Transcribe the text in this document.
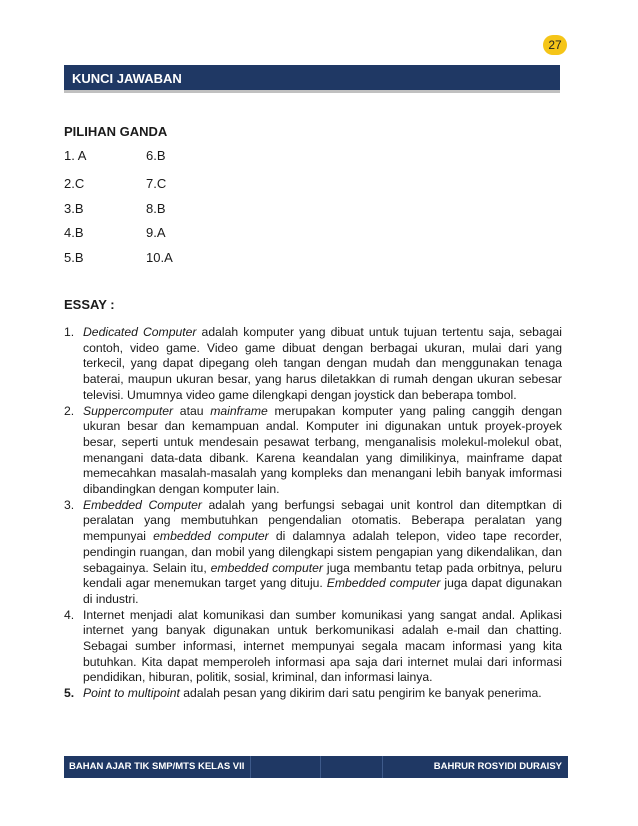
27
KUNCI JAWABAN
PILIHAN GANDA
1. A	6.B
2.C	7.C
3.B	8.B
4.B	9.A
5.B	10.A
ESSAY :
1. Dedicated Computer adalah komputer yang dibuat untuk tujuan tertentu saja, sebagai contoh, video game. Video game dibuat dengan berbagai ukuran, mulai dari yang terkecil, yang dapat dipegang oleh tangan dengan mudah dan menggunakan tenaga baterai, maupun ukuran besar, yang harus diletakkan di rumah dengan ukuran sebesar televisi. Umumnya video game dilengkapi dengan joystick dan beberapa tombol.
2. Suppercomputer atau mainframe merupakan komputer yang paling canggih dengan ukuran besar dan kemampuan andal. Komputer ini digunakan untuk proyek-proyek besar, seperti untuk mendesain pesawat terbang, menganalisis molekul-molekul obat, menangani data-data dibank. Karena keandalan yang dimilikinya, mainframe dapat memecahkan masalah-masalah yang kompleks dan menangani lebih banyak imformasi dibandingkan dengan komputer lain.
3. Embedded Computer adalah yang berfungsi sebagai unit kontrol dan ditemptkan di peralatan yang membutuhkan pengendalian otomatis. Beberapa peralatan yang mempunyai embedded computer di dalamnya adalah telepon, video tape recorder, pendingin ruangan, dan mobil yang dilengkapi sistem pengapian yang dikendalikan, dan sebagainya. Selain itu, embedded computer juga membantu tetap pada orbitnya, peluru kendali agar menemukan target yang dituju. Embedded computer juga dapat digunakan di industri.
4. Internet menjadi alat komunikasi dan sumber komunikasi yang sangat andal. Aplikasi internet yang banyak digunakan untuk berkomunikasi adalah e-mail dan chatting. Sebagai sumber informasi, internet mempunyai segala macam informasi yang kita butuhkan. Kita dapat memperoleh informasi apa saja dari internet mulai dari informasi pendidikan, hiburan, politik, sosial, kriminal, dan informasi lainya.
5. Point to multipoint adalah pesan yang dikirim dari satu pengirim ke banyak penerima.
BAHAN AJAR TIK SMP/MTS KELAS VII	BAHRUR ROSYIDI DURAISY
